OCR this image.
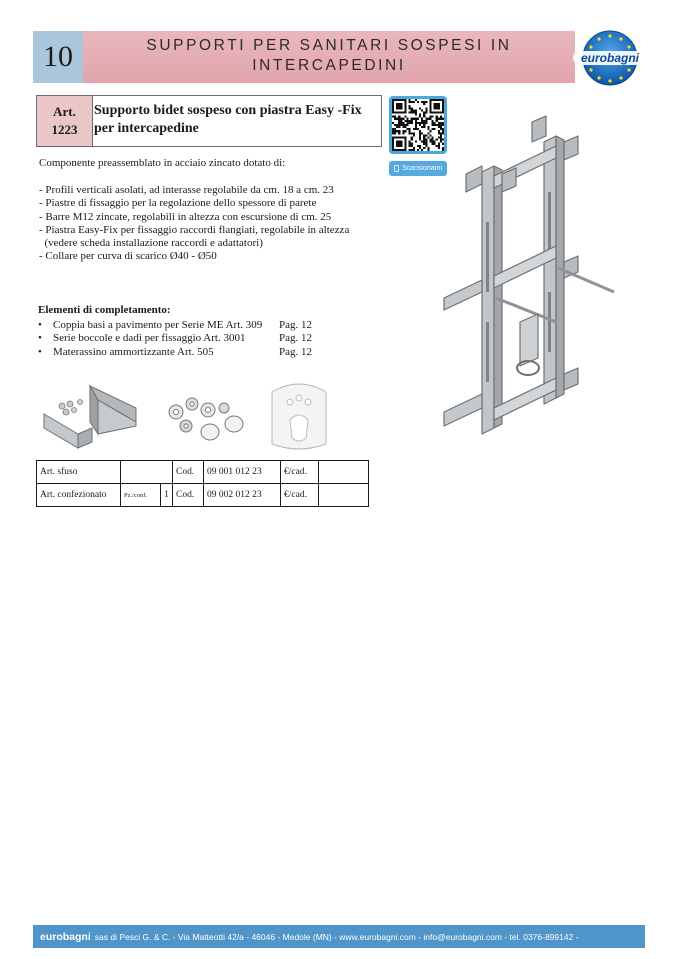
10	SUPPORTI PER SANITARI SOSPESI IN
INTERCAPEDINI	eurobagni
Art.
1223
Supporto bidet sospeso con piastra Easy -Fix
per intercapedine
Scansionami
Componente preassemblato in acciaio zincato dotato di:
- Profili verticali asolati, ad interasse regolabile da cm. 18 a cm. 23
- Piastre di fissaggio per la regolazione dello spessore di parete
- Barre M12 zincate, regolabili in altezza con escursione di cm. 25
- Piastra Easy-Fix per fissaggio raccordi flangiati, regolabile in altezza
(vedere scheda installazione raccordi e adattatori)
- Collare per curva di scarico Ø40 - Ø50
Elementi di completamento:
•	Coppia basi a pavimento per Serie ME Art. 309	Pag. 12
•	Serie boccole e dadi per fissaggio Art. 3001	Pag. 12
•	Materassino ammortizzante Art. 505	Pag. 12
Art. sfuso			Cod.	09 001 012 23	€/cad.	
Art. confezionato	Pz./conf.	1	Cod.	09 002 012 23	€/cad.	
eurobagni sas di Pesci G. & C. - Via Matteotti 42/a - 46046 - Medole (MN) - www.eurobagni.com - info@eurobagni.com - tel. 0376-899142 -
